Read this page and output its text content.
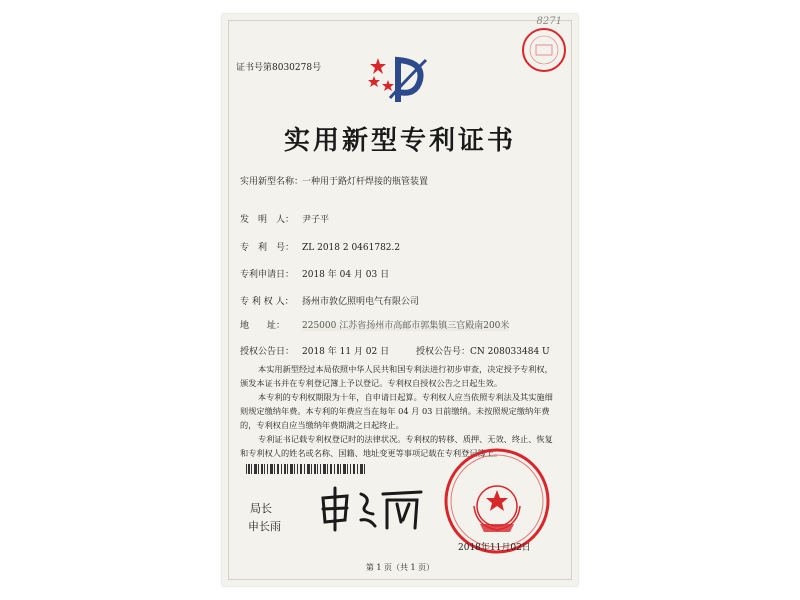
8271
证书号第8030278号
实用新型专利证书
实用新型名称：一种用于路灯杆焊接的瓶管装置
发　明　人： 尹子平
专　利　号： ZL 2018 2 0461782.2
专利申请日： 2018 年 04 月 03 日
专 利 权 人： 扬州市敦亿照明电气有限公司
地　　址： 225000 江苏省扬州市高邮市郭集镇三官殿南200米
授权公告日： 2018 年 11 月 02 日	授权公告号：CN 208033484 U
本实用新型经过本局依照中华人民共和国专利法进行初步审查，决定授予专利权，颁发本证书并在专利登记簿上予以登记。专利权自授权公告之日起生效。
本专利的专利权期限为十年，自申请日起算。专利权人应当依照专利法及其实施细则规定缴纳年费。本专利的年费应当在每年 04 月 03 日前缴纳。未按照规定缴纳年费的，专利权自应当缴纳年费期满之日起终止。
专利证书记载专利权登记时的法律状况。专利权的转移、质押、无效、终止、恢复和专利权人的姓名或名称、国籍、地址变更等事项记载在专利登记簿上。
局长
申长雨
2018年11月02日
第 1 页（共 1 页）
